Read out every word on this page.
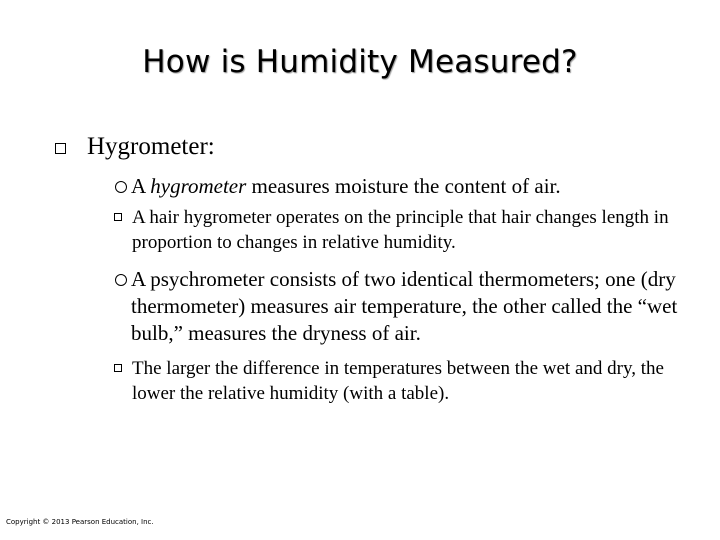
How is Humidity Measured?
Hygrometer:
A hygrometer measures moisture the content of air.
A hair hygrometer operates on the principle that hair changes length in proportion to changes in relative humidity.
A psychrometer consists of two identical thermometers; one (dry thermometer) measures air temperature, the other called the “wet bulb,” measures the dryness of air.
The larger the difference in temperatures between the wet and dry, the lower the relative humidity (with a table).
Copyright © 2013 Pearson Education, Inc.
